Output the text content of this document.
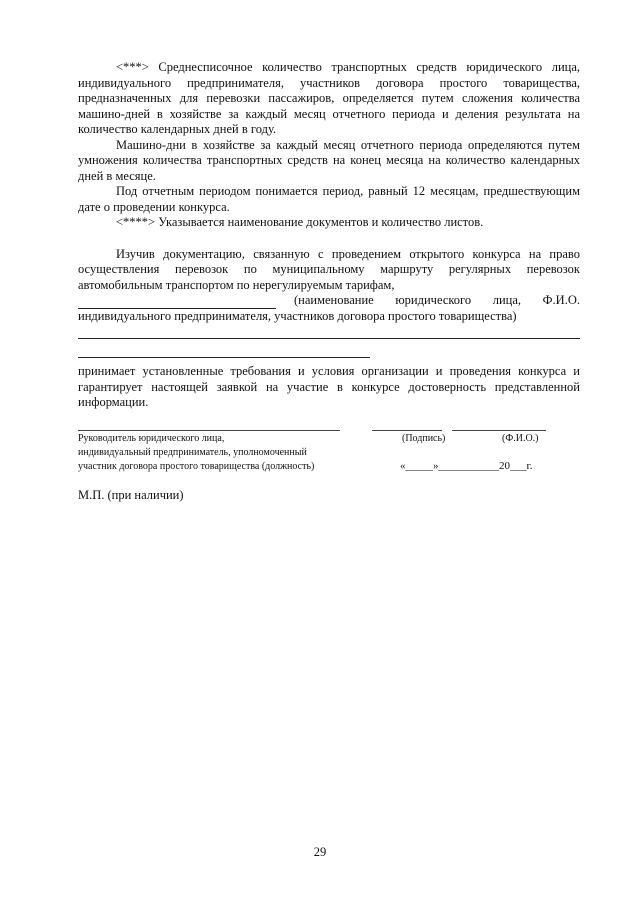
<***> Среднесписочное количество транспортных средств юридического лица, индивидуального предпринимателя, участников договора простого товарищества, предназначенных для перевозки пассажиров, определяется путем сложения количества машино-дней в хозяйстве за каждый месяц отчетного периода и деления результата на количество календарных дней в году.

Машино-дни в хозяйстве за каждый месяц отчетного периода определяются путем умножения количества транспортных средств на конец месяца на количество календарных дней в месяце.

Под отчетным периодом понимается период, равный 12 месяцам, предшествующим дате о проведении конкурса.

<****> Указывается наименование документов и количество листов.

Изучив документацию, связанную с проведением открытого конкурса на право осуществления перевозок по муниципальному маршруту регулярных перевозок автомобильным транспортом по нерегулируемым тарифам,

(наименование юридического лица, Ф.И.О.

индивидуального предпринимателя, участников договора простого товарищества)

принимает установленные требования и условия организации и проведения конкурса и гарантирует настоящей заявкой на участие в конкурсе достоверность представленной информации.

Руководитель юридического лица,
индивидуальный предприниматель, уполномоченный
участник договора простого товарищества (должность)
(Подпись)	(Ф.И.О.)
«_____»___________20___г.
М.П. (при наличии)
29
